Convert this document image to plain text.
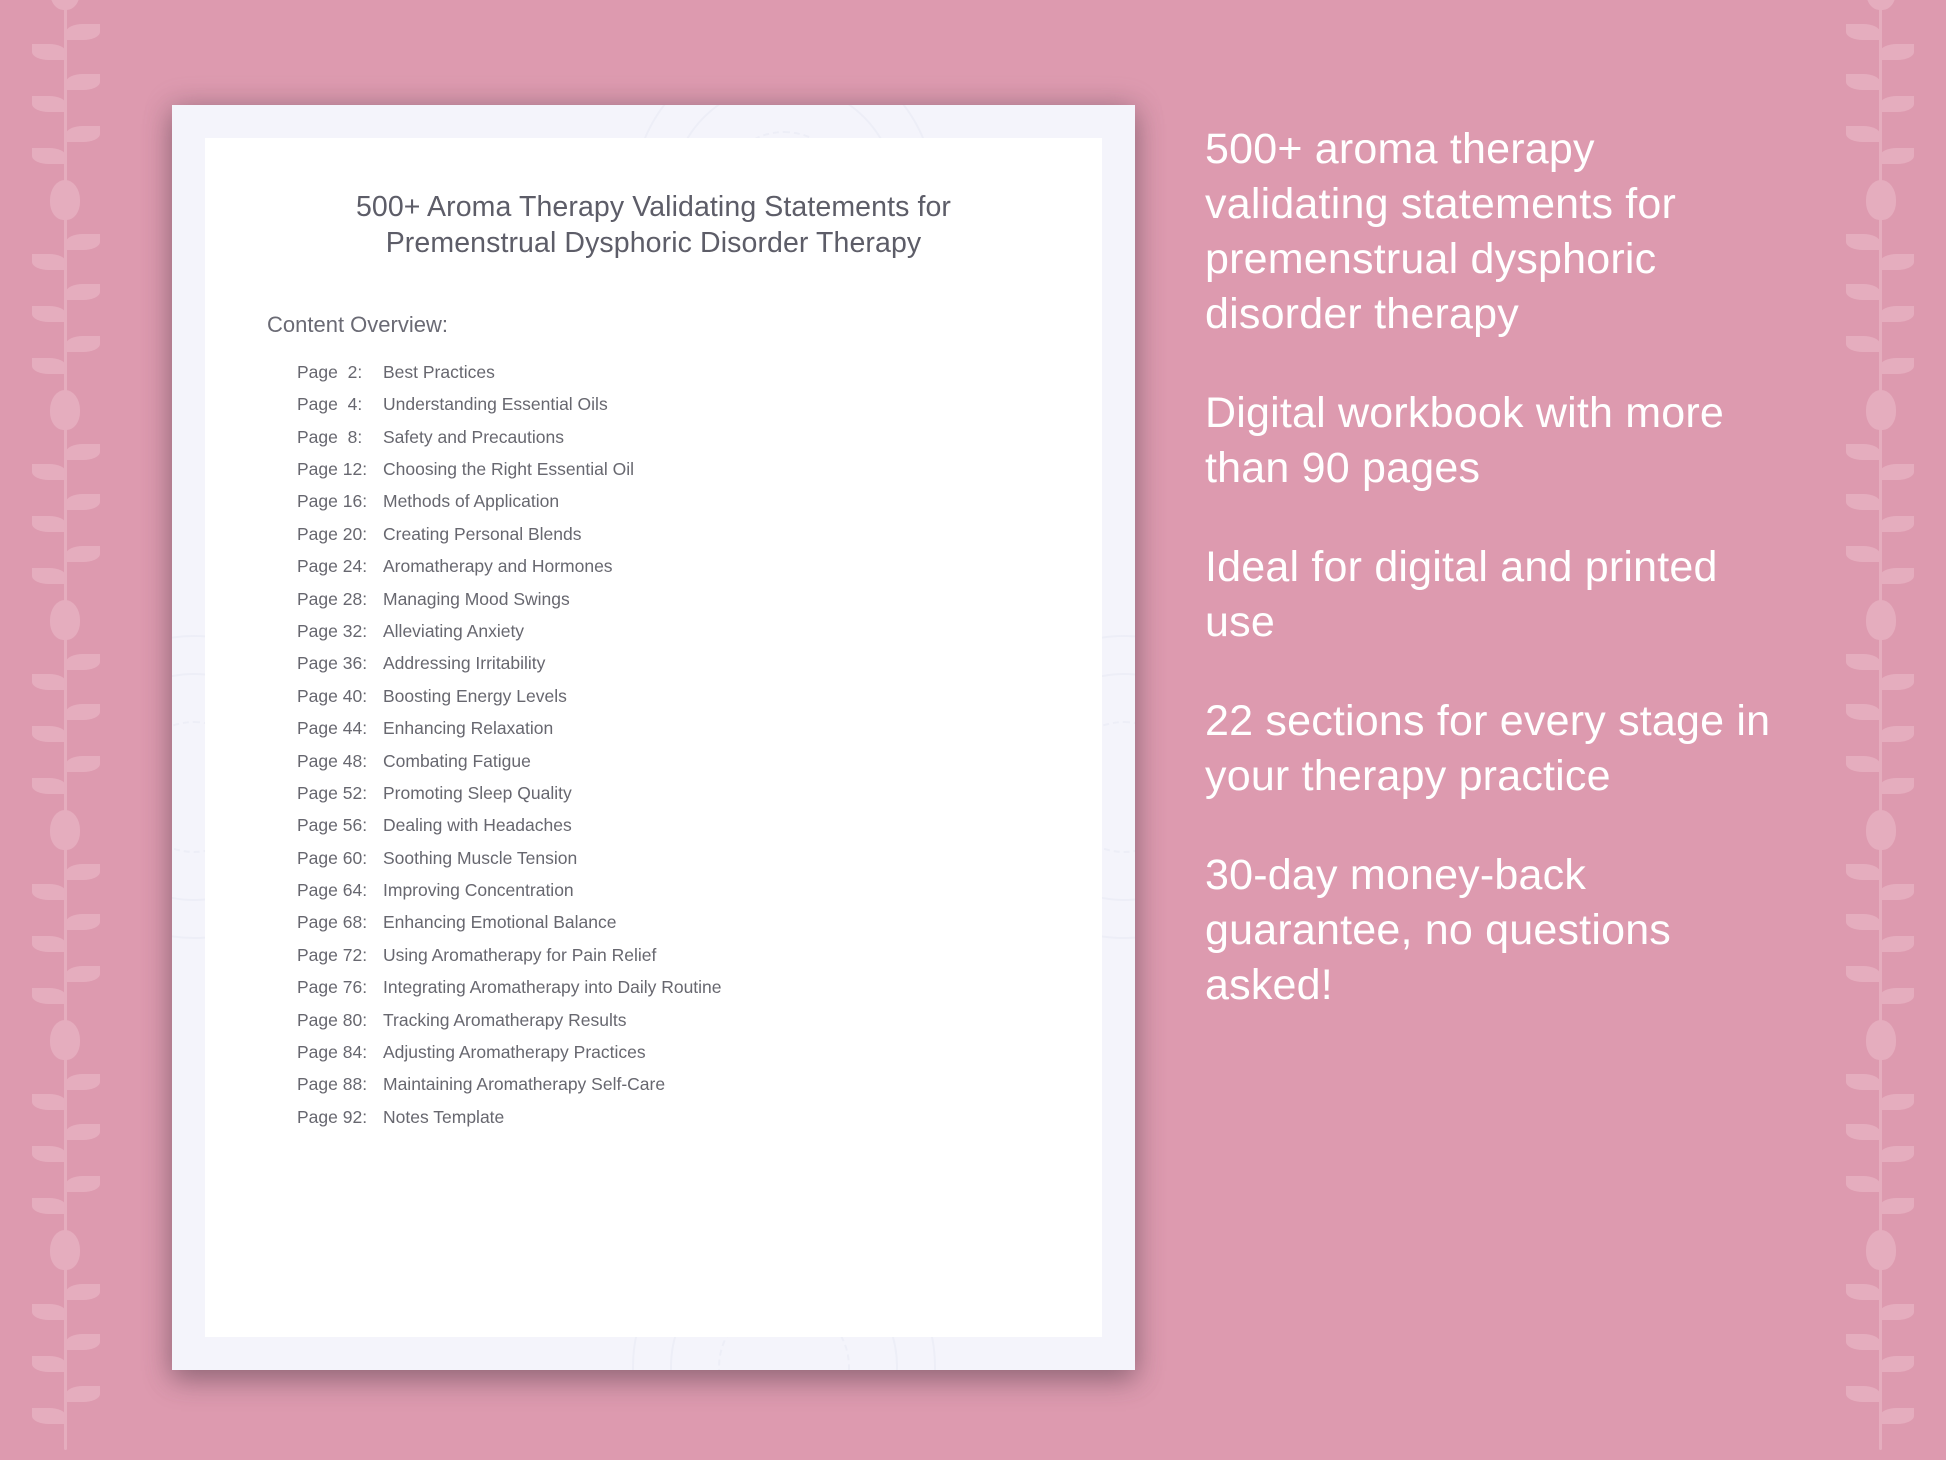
500+ Aroma Therapy Validating Statements for Premenstrual Dysphoric Disorder Therapy
Content Overview:
Page  2:	Best Practices
Page  4:	Understanding Essential Oils
Page  8:	Safety and Precautions
Page 12: Choosing the Right Essential Oil
Page 16: Methods of Application
Page 20: Creating Personal Blends
Page 24: Aromatherapy and Hormones
Page 28: Managing Mood Swings
Page 32: Alleviating Anxiety
Page 36: Addressing Irritability
Page 40: Boosting Energy Levels
Page 44: Enhancing Relaxation
Page 48: Combating Fatigue
Page 52: Promoting Sleep Quality
Page 56: Dealing with Headaches
Page 60: Soothing Muscle Tension
Page 64: Improving Concentration
Page 68: Enhancing Emotional Balance
Page 72: Using Aromatherapy for Pain Relief
Page 76: Integrating Aromatherapy into Daily Routine
Page 80: Tracking Aromatherapy Results
Page 84: Adjusting Aromatherapy Practices
Page 88: Maintaining Aromatherapy Self-Care
Page 92: Notes Template

500+ aroma therapy validating statements for premenstrual dysphoric disorder therapy

Digital workbook with more than 90 pages

Ideal for digital and printed use

22 sections for every stage in your therapy practice

30-day money-back guarantee, no questions asked!
